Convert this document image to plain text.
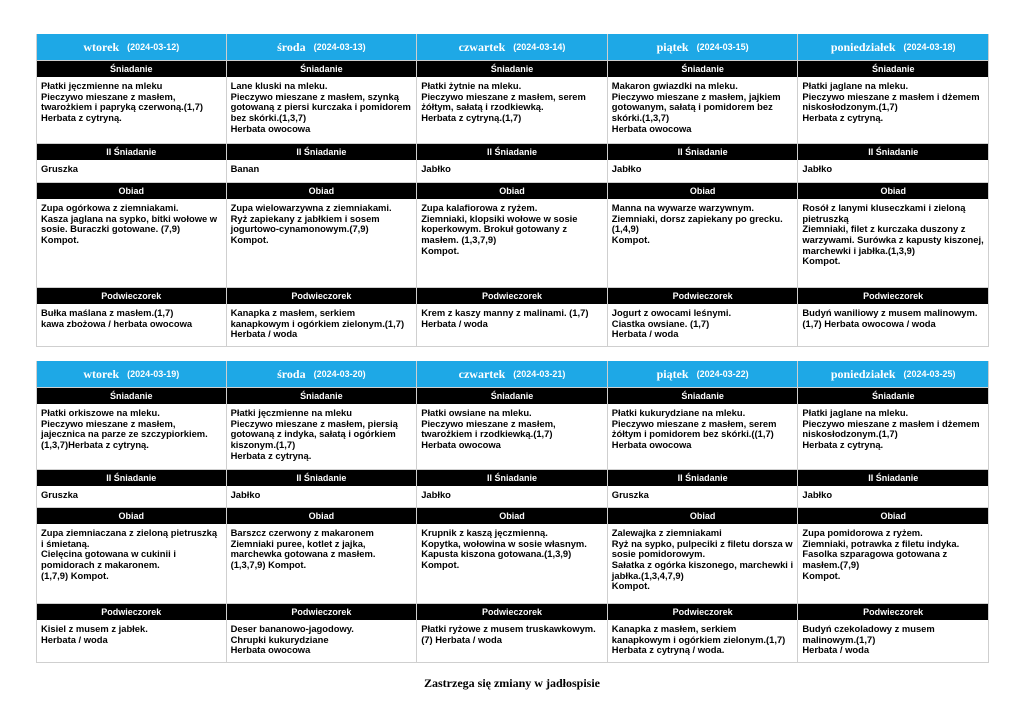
wtorek (2024-03-12)
Śniadanie
Płatki jęczmienne na mleku
Pieczywo mieszane z masłem, twarożkiem i papryką czerwoną.(1,7)
Herbata z cytryną.
II Śniadanie
Gruszka
Obiad
Zupa ogórkowa z ziemniakami.
Kasza jaglana na sypko, bitki wołowe w sosie. Buraczki gotowane. (7,9)
Kompot.
Podwieczorek
Bułka maślana z masłem.(1,7)
kawa zbożowa / herbata owocowa
środa (2024-03-13)
Śniadanie
Lane kluski na mleku.
Pieczywo mieszane z masłem, szynką gotowaną z piersi kurczaka i pomidorem bez skórki.(1,3,7)
Herbata owocowa
II Śniadanie
Banan
Obiad
Zupa wielowarzywna z ziemniakami.
Ryż zapiekany z jabłkiem i sosem jogurtowo-cynamonowym.(7,9)
Kompot.
Podwieczorek
Kanapka z masłem, serkiem kanapkowym i ogórkiem zielonym.(1,7)
Herbata / woda
czwartek (2024-03-14)
Śniadanie
Płatki żytnie na mleku.
Pieczywo mieszane z masłem, serem żółtym, sałatą i rzodkiewką.
Herbata z cytryną.(1,7)
II Śniadanie
Jabłko
Obiad
Zupa kalafiorowa z ryżem.
Ziemniaki, klopsiki wołowe w sosie koperkowym. Brokuł gotowany z masłem. (1,3,7,9)
Kompot.
Podwieczorek
Krem z kaszy manny z malinami. (1,7)
Herbata / woda
piątek (2024-03-15)
Śniadanie
Makaron gwiazdki na mleku.
Pieczywo mieszane z masłem, jajkiem gotowanym, sałatą i pomidorem bez skórki.(1,3,7)
Herbata owocowa
II Śniadanie
Jabłko
Obiad
Manna na wywarze warzywnym.
Ziemniaki, dorsz zapiekany po grecku. (1,4,9)
Kompot.
Podwieczorek
Jogurt z owocami leśnymi.
Ciastka owsiane. (1,7)
Herbata / woda
poniedziałek (2024-03-18)
Śniadanie
Płatki jaglane na mleku.
Pieczywo mieszane z masłem i dżemem niskosłodzonym.(1,7)
Herbata z cytryną.
II Śniadanie
Jabłko
Obiad
Rosół z lanymi kluseczkami i zieloną pietruszką
Ziemniaki, filet z kurczaka duszony z warzywami. Surówka z kapusty kiszonej, marchewki i jabłka.(1,3,9)
Kompot.
Podwieczorek
Budyń waniliowy z musem malinowym. (1,7) Herbata owocowa / woda
wtorek (2024-03-19)
Śniadanie
Płatki orkiszowe na mleku.
Pieczywo mieszane z masłem, jajecznica na parze ze szczypiorkiem.(1,3,7)Herbata z cytryną.
II Śniadanie
Gruszka
Obiad
Zupa ziemniaczana z zieloną pietruszką i śmietaną.
Cielęcina gotowana w cukinii i pomidorach z makaronem.
(1,7,9) Kompot.
Podwieczorek
Kisiel z musem z jabłek.
Herbata / woda
środa (2024-03-20)
Śniadanie
Płatki jęczmienne na mleku
Pieczywo mieszane z masłem, piersią gotowaną z indyka, sałatą i ogórkiem kiszonym.(1,7)
Herbata z cytryną.
II Śniadanie
Jabłko
Obiad
Barszcz czerwony z makaronem
Ziemniaki puree, kotlet z jajka, marchewka gotowana z masłem.
(1,3,7,9) Kompot.
Podwieczorek
Deser bananowo-jagodowy.
Chrupki kukurydziane
Herbata owocowa
czwartek (2024-03-21)
Śniadanie
Płatki owsiane na mleku.
Pieczywo mieszane z masłem, twarożkiem i rzodkiewką.(1,7)
Herbata owocowa
II Śniadanie
Jabłko
Obiad
Krupnik z kaszą jęczmienną.
Kopytka, wołowina w sosie własnym.
Kapusta kiszona gotowana.(1,3,9)
Kompot.
Podwieczorek
Płatki ryżowe z musem truskawkowym. (7) Herbata / woda
piątek (2024-03-22)
Śniadanie
Płatki kukurydziane na mleku.
Pieczywo mieszane z masłem, serem żółtym i pomidorem bez skórki.((1,7)
Herbata owocowa
II Śniadanie
Gruszka
Obiad
Zalewajka z ziemniakami
Ryż na sypko, pulpeciki z filetu dorsza w sosie pomidorowym.
Sałatka z ogórka kiszonego, marchewki i jabłka.(1,3,4,7,9)
Kompot.
Podwieczorek
Kanapka z masłem, serkiem kanapkowym i ogórkiem zielonym.(1,7)
Herbata z cytryną / woda.
poniedziałek (2024-03-25)
Śniadanie
Płatki jaglane na mleku.
Pieczywo mieszane z masłem i dżemem niskosłodzonym.(1,7)
Herbata z cytryną.
II Śniadanie
Jabłko
Obiad
Zupa pomidorowa z ryżem.
Ziemniaki, potrawka z filetu indyka.
Fasolka szparagowa gotowana z masłem.(7,9)
Kompot.
Podwieczorek
Budyń czekoladowy z musem malinowym.(1,7)
Herbata / woda
Zastrzega się zmiany w jadłospisie
